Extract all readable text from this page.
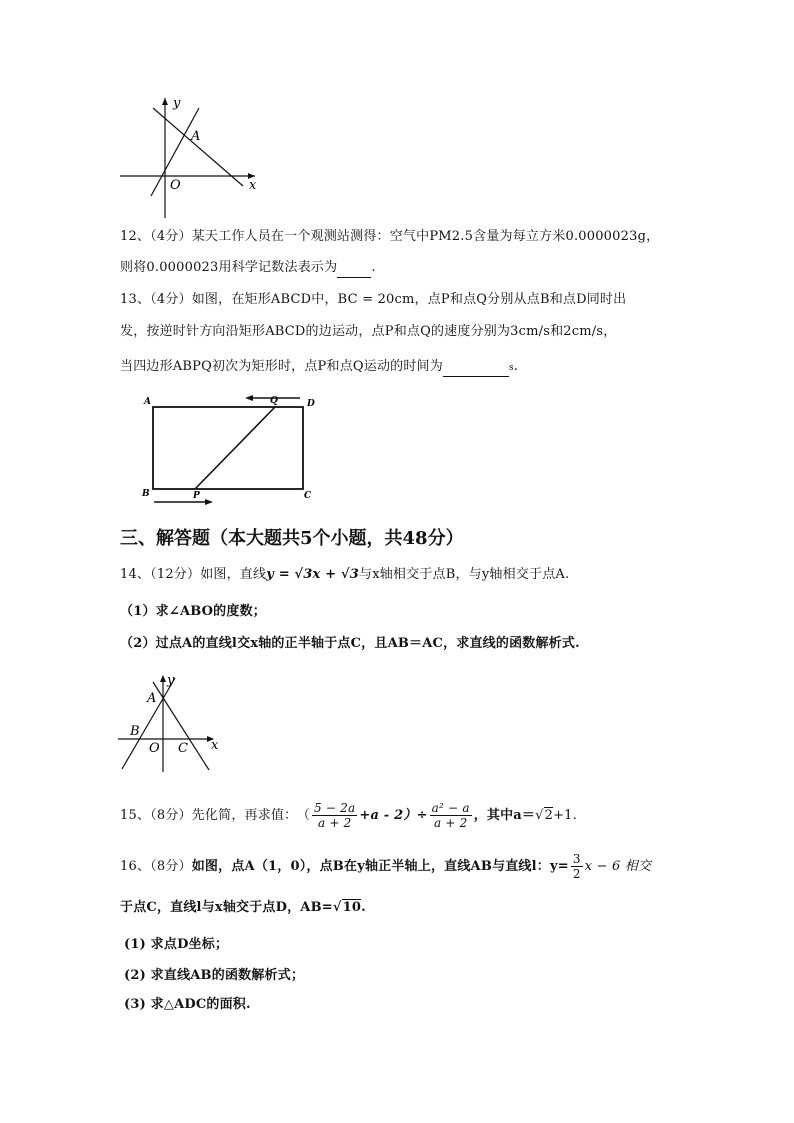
y
A
O	x
12、（4分）某天工作人员在一个观测站测得：空气中PM2.5含量为每立方米0.0000023g，
则将0.0000023用科学记数法表示为	.
13、（4分）如图，在矩形ABCD中，BC = 20cm，点P和点Q分别从点B和点D同时出
发，按逆时针方向沿矩形ABCD的边运动，点P和点Q的速度分别为3cm/s和2cm/s，
当四边形ABPQ初次为矩形时，点P和点Q运动的时间为	s.
A	Q	D
B	P	C
三、解答题（本大题共5个小题，共48分）
14、（12分）如图，直线y = √3x + √3与x轴相交于点B，与y轴相交于点A.
（1）求∠ABO的度数；
（2）过点A的直线l交x轴的正半轴于点C，且AB＝AC，求直线的函数解析式.
y
A
B
O C x
15、（8分）先化简，再求值： （ $\frac{5 - 2a}{a + 2} +a - 2)\div \frac{\text{a² − a}}{a + 2}$ ，其中a＝√2+1.
16、（8分）如图，点A（1，0），点B在y轴正半轴上，直线AB与直线l：$y= \frac{3}{2}$ x − 6 相交
于点C，直线l与x轴交于点D，AB=√10.
(1) 求点D坐标；
(2) 求直线AB的函数解析式；
(3) 求△ADC的面积.
